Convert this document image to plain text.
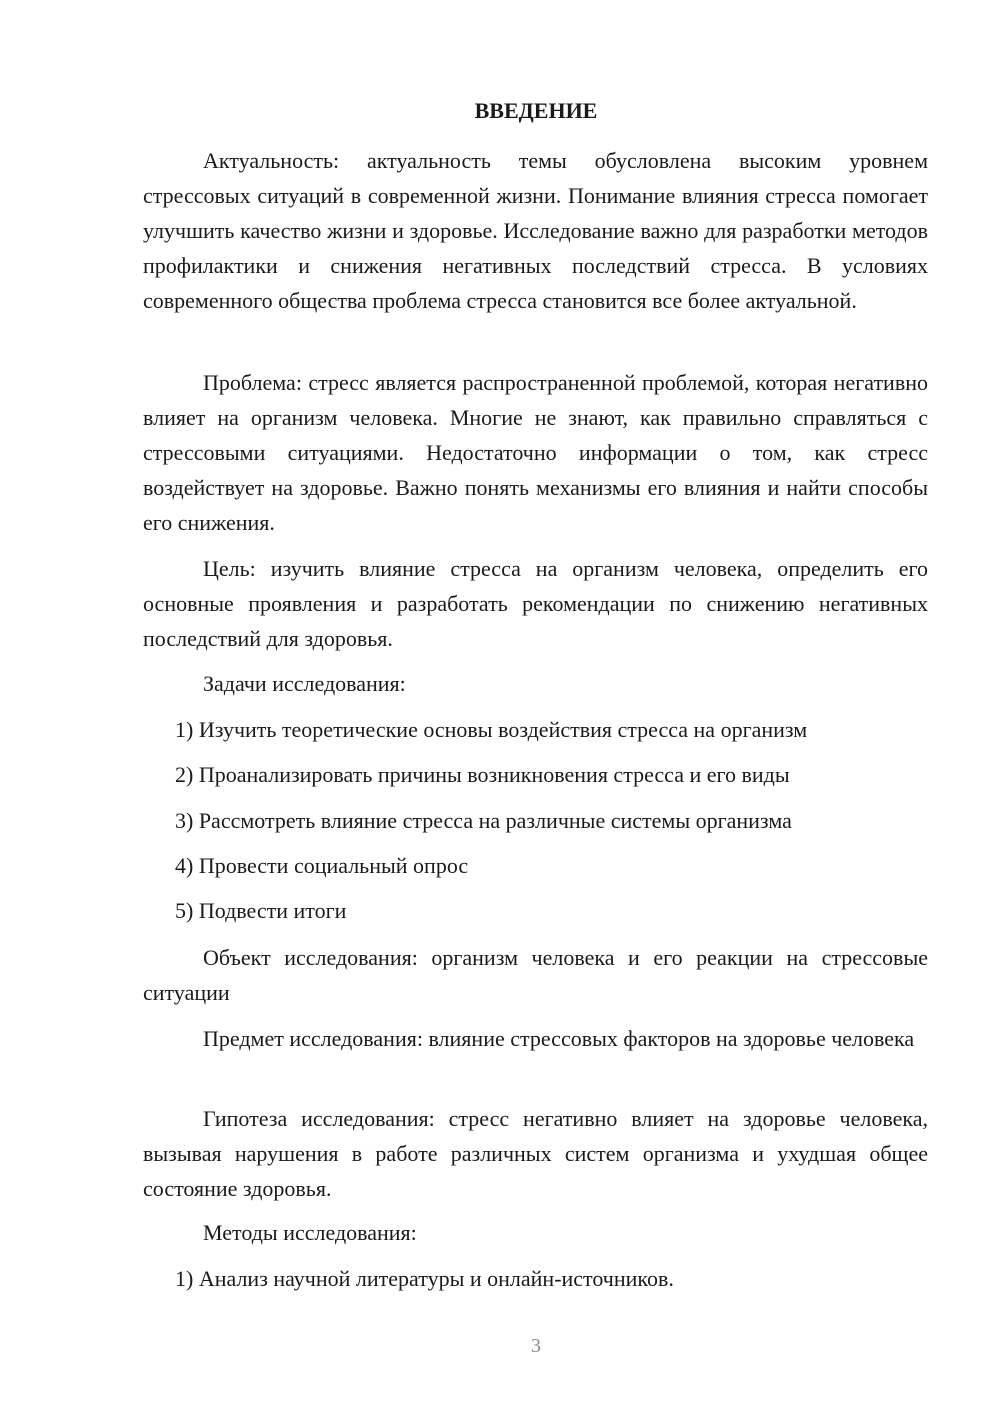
ВВЕДЕНИЕ

Актуальность: актуальность темы обусловлена высоким уровнем стрессовых ситуаций в современной жизни. Понимание влияния стресса помогает улучшить качество жизни и здоровье. Исследование важно для разработки методов профилактики и снижения негативных последствий стресса. В условиях современного общества проблема стресса становится все более актуальной.

Проблема: стресс является распространенной проблемой, которая негативно влияет на организм человека. Многие не знают, как правильно справляться с стрессовыми ситуациями. Недостаточно информации о том, как стресс воздействует на здоровье. Важно понять механизмы его влияния и найти способы его снижения.

Цель: изучить влияние стресса на организм человека, определить его основные проявления и разработать рекомендации по снижению негативных последствий для здоровья.

Задачи исследования:

1) Изучить теоретические основы воздействия стресса на организм

2) Проанализировать причины возникновения стресса и его виды

3) Рассмотреть влияние стресса на различные системы организма

4) Провести социальный опрос

5) Подвести итоги

Объект исследования: организм человека и его реакции на стрессовые ситуации

Предмет исследования: влияние стрессовых факторов на здоровье человека

Гипотеза исследования: стресс негативно влияет на здоровье человека, вызывая нарушения в работе различных систем организма и ухудшая общее состояние здоровья.

Методы исследования:

1) Анализ научной литературы и онлайн-источников.

3
